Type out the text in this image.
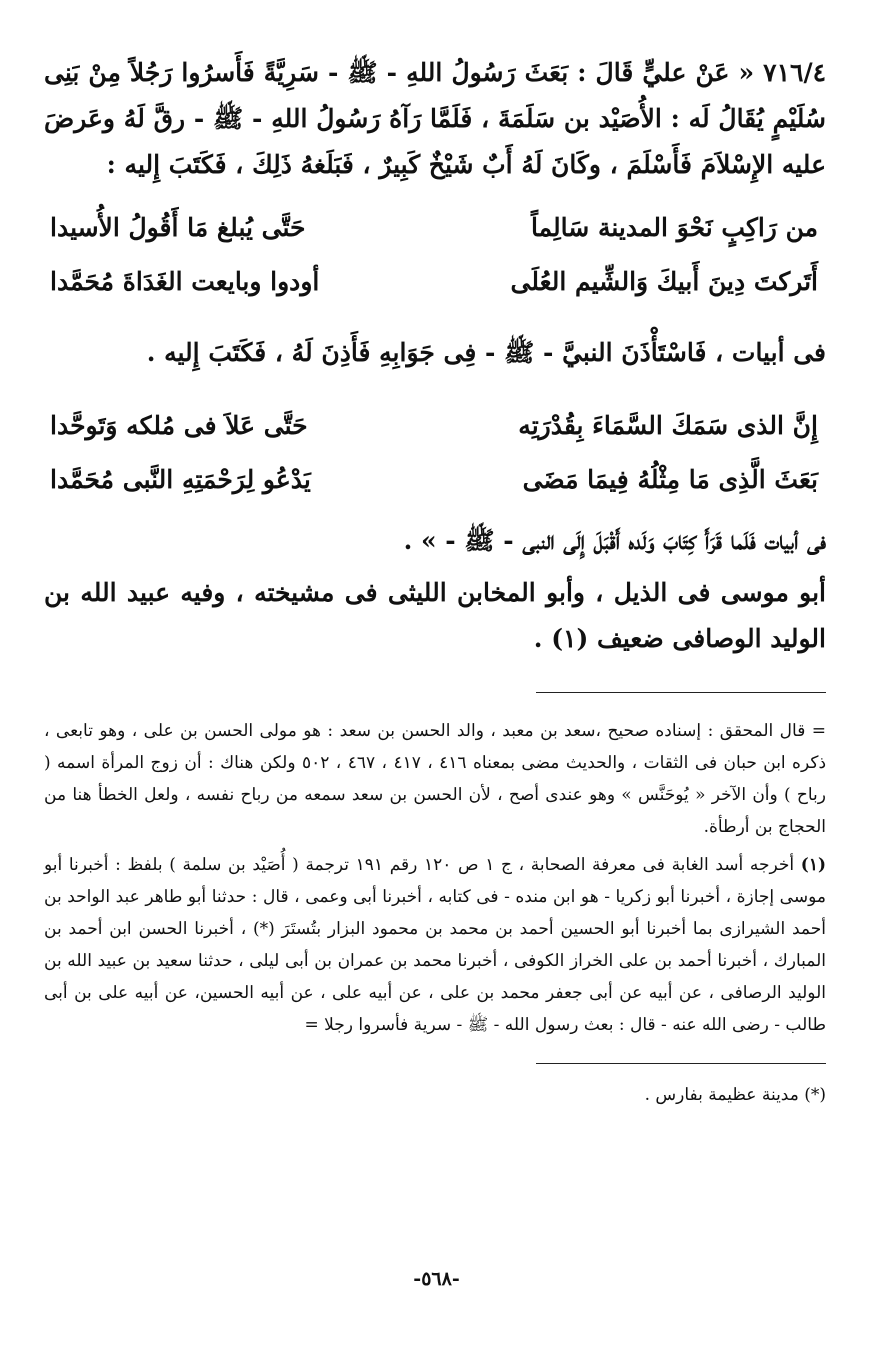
٧١٦/٤ « عَنْ عليٍّ قَالَ : بَعَثَ رَسُولُ اللهِ - ﷺ - سَرِيَّةً فَأَسرُوا رَجُلاً مِنْ بَنِى سُلَيْمٍ يُقَالُ لَه : الأُصَيْد بن سَلَمَةَ ، فَلَمَّا رَآهُ رَسُولُ اللهِ - ﷺ - رقَّ لَهُ وعَرضَ عليه الإِسْلاَمَ فَأَسْلَمَ ، وكَانَ لَهُ أَبٌ شَيْخٌ كَبِيرٌ ، فَبَلَغهُ ذَلِكَ ، فَكَتَبَ إِليه :

من رَاكِبٍ نَحْوَ المدينة سَالِماً
حَتَّى يُبلغ مَا أَقُولُ الأُسيدا
أَتَركتَ دِينَ أَبيكَ وَالشِّيم العُلَى
أودوا وبايعت الغَدَاةَ مُحَمَّدا

فى أبيات ، فَاسْتَأْذَنَ النبيَّ - ﷺ - فِى جَوَابِهِ فَأَذِنَ لَهُ ، فَكَتَبَ إِليه .

إِنَّ الذى سَمَكَ السَّمَاءَ بِقُدْرَتِه
حَتَّى عَلاَ فى مُلكه وَتَوحَّدا
بَعَثَ الَّذِى مَا مِثْلُهُ فِيمَا مَضَى
يَدْعُو لِرَحْمَتِهِ النَّبى مُحَمَّدا

فى أبيات فَلَما قَرَأَ كِتَابَ وَلَده أَقْبَلَ إِلَى النبى - ﷺ - » .

أبو موسى فى الذيل ، وأبو المخابن الليثى فى مشيخته ، وفيه عبيد الله بن الوليد الوصافى ضعيف (١) .

= قال المحقق : إسناده صحيح ،سعد بن معبد ، والد الحسن بن سعد : هو مولى الحسن بن على ، وهو تابعى ، ذكره ابن حبان فى الثقات ، والحديث مضى بمعناه ٤١٦ ، ٤١٧ ، ٤٦٧ ، ٥٠٢ ولكن هناك : أن زوج المرأة اسمه ( رباح ) وأن الآخر « يُوحَنَّس » وهو عندى أصح ، لأن الحسن بن سعد سمعه من رباح نفسه ، ولعل الخطأ هنا من الحجاج بن أرطأة.

(١) أخرجه أسد الغابة فى معرفة الصحابة ، ج ١ ص ١٢٠ رقم ١٩١ ترجمة ( أُصَيْد بن سلمة ) بلفظ : أخبرنا أبو موسى إجازة ، أخبرنا أبو زكريا - هو ابن منده - فى كتابه ، أخبرنا أبى وعمى ، قال : حدثنا أبو طاهر عبد الواحد بن أحمد الشيرازى بما أخبرنا أبو الحسين أحمد بن محمد بن محمود البزار بتُستَرَ (*) ، أخبرنا الحسن ابن أحمد بن المبارك ، أخبرنا أحمد بن على الخراز الكوفى ، أخبرنا محمد بن عمران بن أبى ليلى ، حدثنا سعيد بن عبيد الله بن الوليد الرصافى ، عن أبيه عن أبى جعفر محمد بن على ، عن أبيه على ، عن أبيه الحسين، عن أبيه على بن أبى طالب - رضى الله عنه - قال : بعث رسول الله - ﷺ - سرية فأسروا رجلا =

(*) مدينة عظيمة بفارس .
-٥٦٨-
